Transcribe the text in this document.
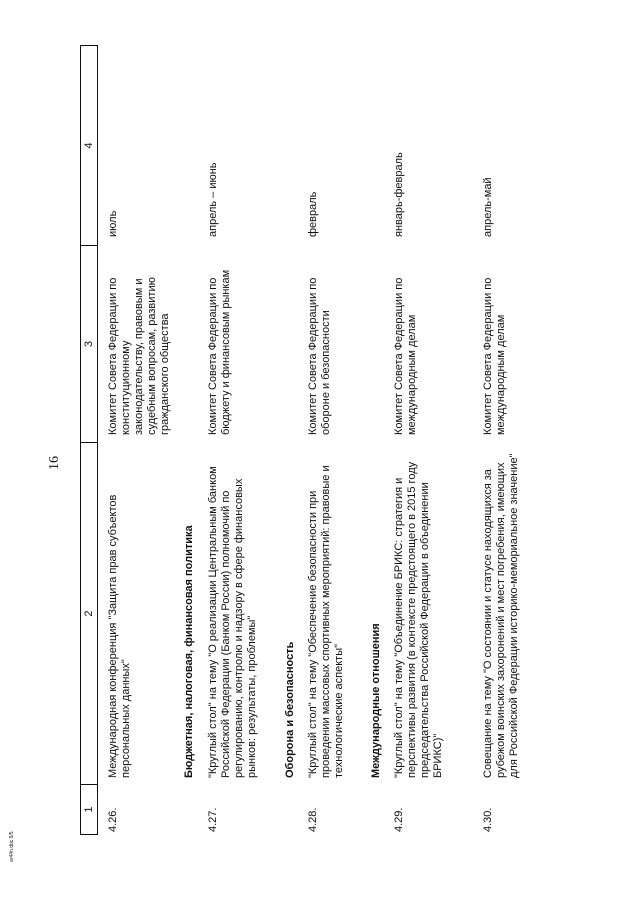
16
ar44n.doc 5/5
1
2
3
4
4.26.
Международная конференция "Защита прав субъектов персональных данных"
Комитет Совета Федерации по конституционному законодательству, правовым и судебным вопросам, развитию гражданского общества
июль
Бюджетная, налоговая, финансовая политика
4.27.
"Круглый стол" на тему "О реализации Центральным банком Российской Федерации (Банком России) полномочий по регулированию, контролю и надзору в сфере финансовых рынков: результаты, проблемы"
Комитет Совета Федерации по бюджету и финансовым рынкам
апрель – июнь
Оборона и безопасность
4.28.
"Круглый стол" на тему "Обеспечение безопасности при проведении массовых спортивных мероприятий: правовые и технологические аспекты"
Комитет Совета Федерации по обороне и безопасности
февраль
Международные отношения
4.29.
"Круглый стол" на тему "Объединение БРИКС: стратегия и перспективы развития (в контексте предстоящего в 2015 году председательства Российской Федерации в объединении БРИКС)"
Комитет Совета Федерации по международным делам
январь-февраль
4.30.
Совещание на тему "О состоянии и статусе находящихся за рубежом воинских захоронений и мест погребения, имеющих для Российской Федерации историко-мемориальное значение"
Комитет Совета Федерации по международным делам
апрель-май
